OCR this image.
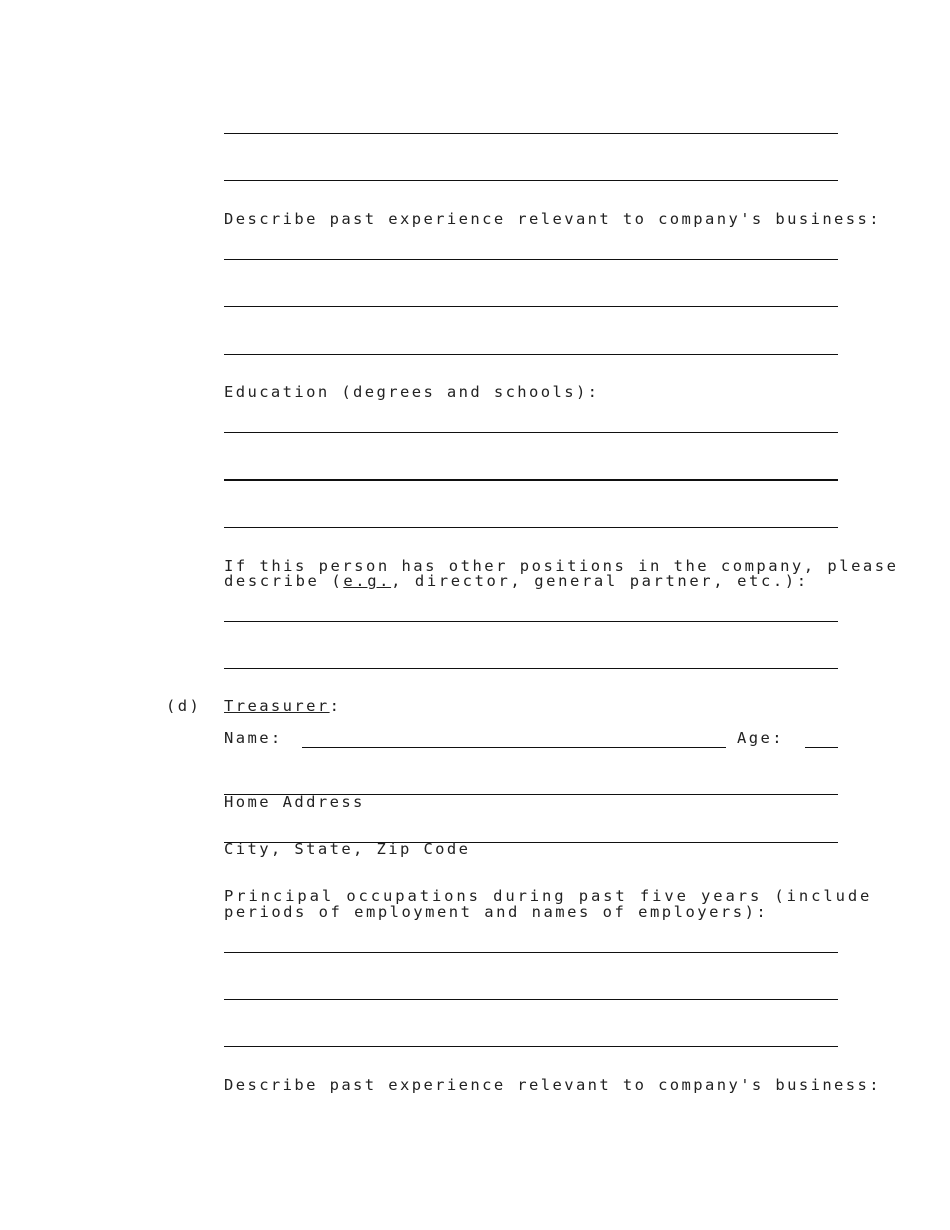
Describe past experience relevant to company's business:
Education (degrees and schools):
If this person has other positions in the company, please
describe (e.g., director, general partner, etc.):
(d) Treasurer:
Name:	Age:
Home Address
City, State, Zip Code
Principal occupations during past five years (include
periods of employment and names of employers):
Describe past experience relevant to company's business:
